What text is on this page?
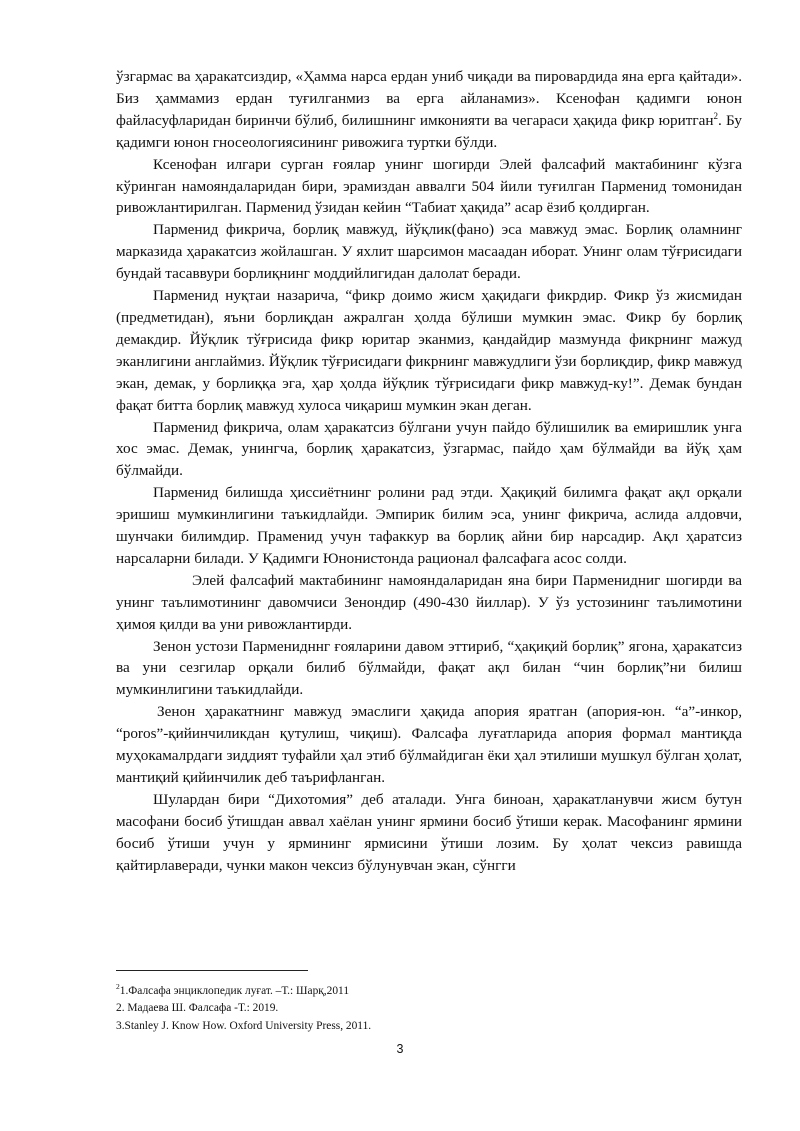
ўзгармас ва ҳаракатсиздир, «Ҳамма нарса ердан униб чиқади ва пировардида яна ерга қайтади». Биз ҳаммамиз ердан туғилганмиз ва ерга айланамиз». Ксенофан қадимги юнон файласуфларидан биринчи бўлиб, билишнинг имконияти ва чегараси ҳақида фикр юритган$^2$. Бу қадимги юнон гносеологиясининг ривожига туртки бўлди.

Ксенофан илгари сурган ғоялар унинг шогирди Элей фалсафий мактабининг кўзга кўринган намояндаларидан бири, эрамиздан аввалги 504 йили туғилган Парменид томонидан ривожлантирилган. Парменид ўзидан кейин “Табиат ҳақида” асар ёзиб қолдирган.

Парменид фикрича, борлиқ мавжуд, йўқлик(фано) эса мавжуд эмас. Борлиқ оламнинг марказида ҳаракатсиз жойлашган. У яхлит шарсимон масаадан иборат. Унинг олам тўғрисидаги бундай тасаввури борлиқнинг моддийлигидан далолат беради.

Парменид нуқтаи назарича, “фикр доимо жисм ҳақидаги фикрдир. Фикр ўз жисмидан (предметидан), яъни борлиқдан ажралган ҳолда бўлиши мумкин эмас. Фикр бу борлиқ демакдир. Йўқлик тўғрисида фикр юритар эканмиз, қандайдир мазмунда фикрнинг мажуд эканлигини англаймиз. Йўқлик тўғрисидаги фикрнинг мавжудлиги ўзи борлиқдир, фикр мавжуд экан, демак, у борлиққа эга, ҳар ҳолда йўқлик тўғрисидаги фикр мавжуд-ку!”. Демак бундан фақат битта борлиқ мавжуд хулоса чиқариш мумкин экан деган.

Парменид фикрича, олам ҳаракатсиз бўлгани учун пайдо бўлишилик ва емиришлик унга хос эмас. Демак, унингча, борлиқ ҳаракатсиз, ўзгармас, пайдо ҳам бўлмайди ва йўқ ҳам бўлмайди.

Парменид билишда ҳиссиётнинг ролини рад этди. Ҳақиқий билимга фақат ақл орқали эришиш мумкинлигини таъкидлайди. Эмпирик билим эса, унинг фикрича, аслида алдовчи, шунчаки билимдир. Праменид учун тафаккур ва борлиқ айни бир нарсадир. Ақл ҳаратсиз нарсаларни билади. У Қадимги Юнонистонда рационал фалсафага асос солди.

Элей фалсафий мактабининг намояндаларидан яна бири Парменидниг шогирди ва унинг таълимотининг давомчиси Зенондир (490-430 йиллар). У ўз устозининг таълимотини ҳимоя қилди ва уни ривожлантирди.

Зенон устози Парменидннг ғояларини давом эттириб, “ҳақиқий борлиқ” ягона, ҳаракатсиз ва уни сезгилар орқали билиб бўлмайди, фақат ақл билан “чин борлиқ”ни билиш мумкинлигини таъкидлайди.

Зенон ҳаракатнинг мавжуд эмаслиги ҳақида апория яратган (апория-юн. “а”-инкор, “poros”-қийинчиликдан қутулиш, чиқиш). Фалсафа луғатларида апория формал мантиқда муҳокамалрдаги зиддият туфайли ҳал этиб бўлмайдиган ёки ҳал этилиши мушкул бўлган ҳолат, мантиқий қийинчилик деб таърифланган.

Шулардан бири “Дихотомия” деб аталади. Унга биноан, ҳаракатланувчи жисм бутун масофани босиб ўтишдан аввал хаёлан унинг ярмини босиб ўтиши керак. Масофанинг ярмини босиб ўтиши учун у ярмининг ярмисини ўтиши лозим. Бу ҳолат чексиз равишда қайтирлаверади, чунки макон чексиз бўлунувчан экан, сўнгги

$^2$1.Фалсафа энциклопедик луғат. –Т.: Шарқ,2011
2. Мадаева Ш. Фалсафа -Т.: 2019.
3.Stanley J. Know How. Oxford University Press, 2011.
3
